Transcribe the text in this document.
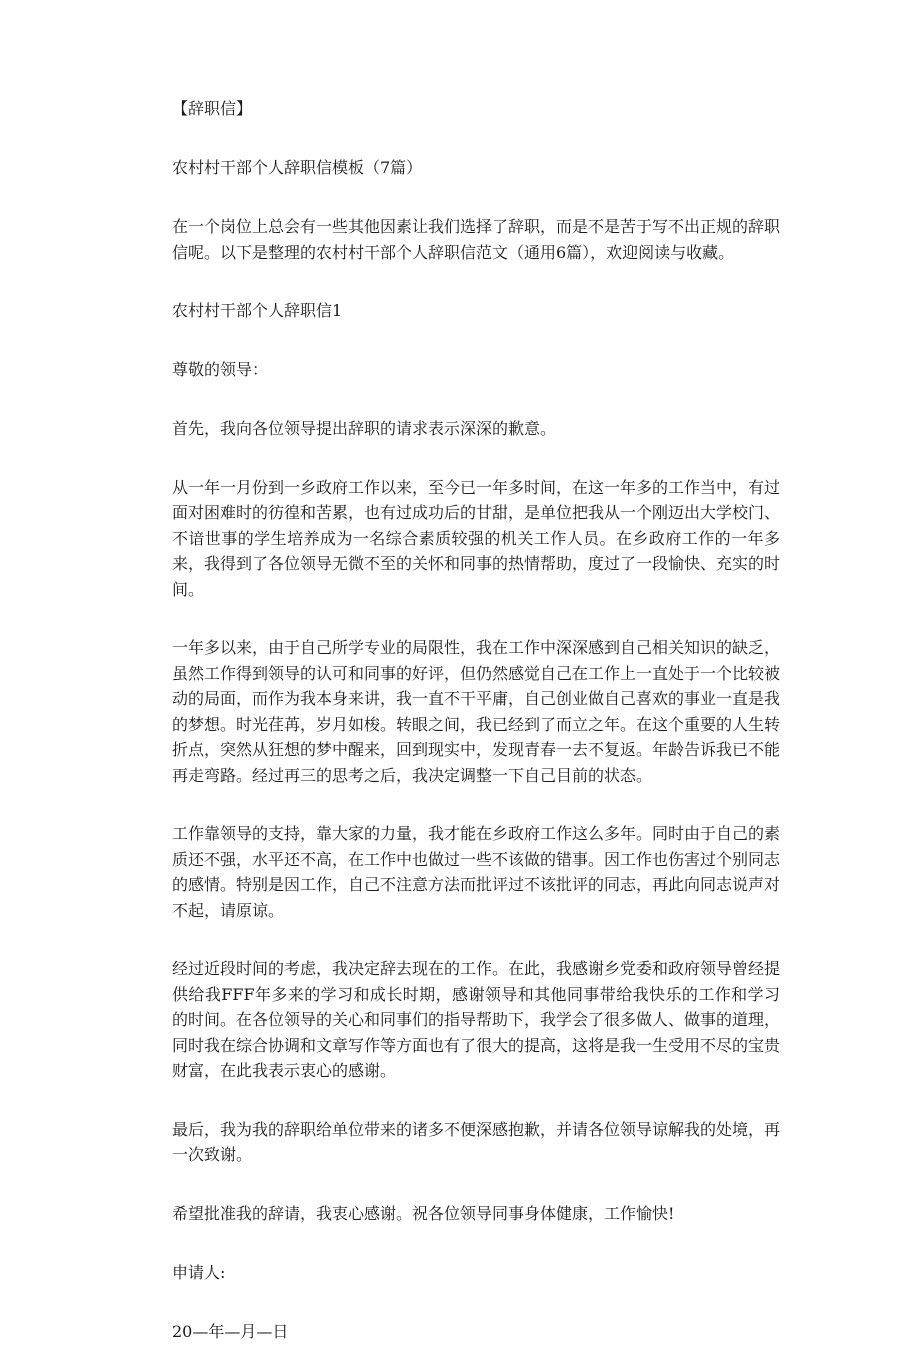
【辞职信】

农村村干部个人辞职信模板（7篇）

在一个岗位上总会有一些其他因素让我们选择了辞职，而是不是苦于写不出正规的辞职信呢。以下是整理的农村村干部个人辞职信范文（通用6篇），欢迎阅读与收藏。

农村村干部个人辞职信1

尊敬的领导：

首先，我向各位领导提出辞职的请求表示深深的歉意。

从一年一月份到一乡政府工作以来，至今已一年多时间，在这一年多的工作当中，有过面对困难时的彷徨和苦累，也有过成功后的甘甜，是单位把我从一个刚迈出大学校门、不谙世事的学生培养成为一名综合素质较强的机关工作人员。在乡政府工作的一年多来，我得到了各位领导无微不至的关怀和同事的热情帮助，度过了一段愉快、充实的时间。

一年多以来，由于自己所学专业的局限性，我在工作中深深感到自己相关知识的缺乏，虽然工作得到领导的认可和同事的好评，但仍然感觉自己在工作上一直处于一个比较被动的局面，而作为我本身来讲，我一直不干平庸，自己创业做自己喜欢的事业一直是我的梦想。时光荏苒，岁月如梭。转眼之间，我已经到了而立之年。在这个重要的人生转折点，突然从狂想的梦中醒来，回到现实中，发现青春一去不复返。年龄告诉我已不能再走弯路。经过再三的思考之后，我决定调整一下自己目前的状态。

工作靠领导的支持，靠大家的力量，我才能在乡政府工作这么多年。同时由于自己的素质还不强，水平还不高，在工作中也做过一些不该做的错事。因工作也伤害过个别同志的感情。特别是因工作，自己不注意方法而批评过不该批评的同志，再此向同志说声对不起，请原谅。

经过近段时间的考虑，我决定辞去现在的工作。在此，我感谢乡党委和政府领导曾经提供给我FFF年多来的学习和成长时期，感谢领导和其他同事带给我快乐的工作和学习的时间。在各位领导的关心和同事们的指导帮助下，我学会了很多做人、做事的道理，同时我在综合协调和文章写作等方面也有了很大的提高，这将是我一生受用不尽的宝贵财富，在此我表示衷心的感谢。

最后，我为我的辞职给单位带来的诸多不便深感抱歉，并请各位领导谅解我的处境，再一次致谢。

希望批准我的辞请，我衷心感谢。祝各位领导同事身体健康，工作愉快!

申请人:

20—年—月—日
